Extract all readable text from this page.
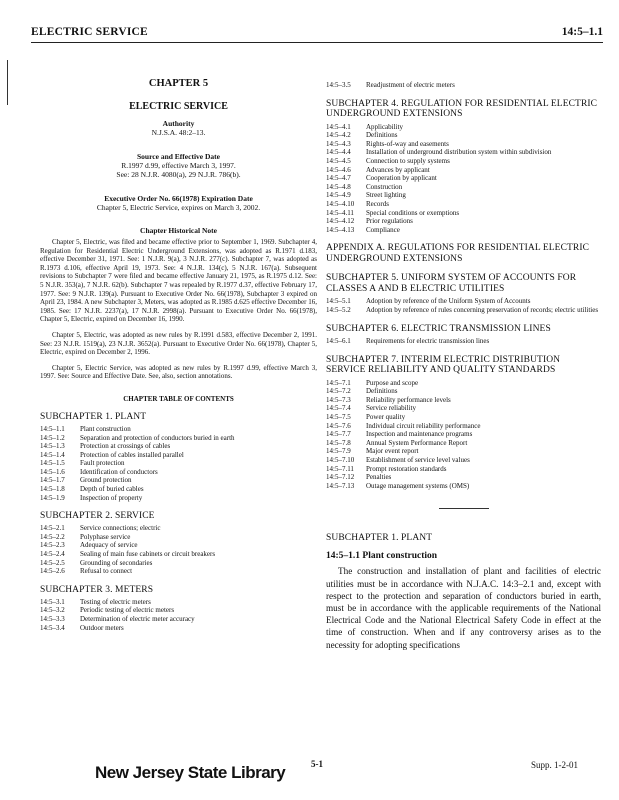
ELECTRIC SERVICE	14:5–1.1
CHAPTER 5
ELECTRIC SERVICE
Authority
N.J.S.A. 48:2–13.
Source and Effective Date
R.1997 d.99, effective March 3, 1997.
See: 28 N.J.R. 4080(a), 29 N.J.R. 786(b).
Executive Order No. 66(1978) Expiration Date
Chapter 5, Electric Service, expires on March 3, 2002.
Chapter Historical Note
Chapter 5, Electric, was filed and became effective prior to September 1, 1969. Subchapter 4, Regulation for Residential Electric Underground Extensions, was adopted as R.1971 d.183, effective December 31, 1971. See: 1 N.J.R. 9(a), 3 N.J.R. 277(c). Subchapter 7, was adopted as R.1973 d.106, effective April 19, 1973. See: 4 N.J.R. 134(c), 5 N.J.R. 167(a). Subsequent revisions to Subchapter 7 were filed and became effective January 21, 1975, as R.1975 d.12. See: 5 N.J.R. 353(a), 7 N.J.R. 62(b). Subchapter 7 was repealed by R.1977 d.37, effective February 17, 1977. See: 9 N.J.R. 139(a). Pursuant to Executive Order No. 66(1978), Subchapter 3 expired on April 23, 1984. A new Subchapter 3, Meters, was adopted as R.1985 d.625 effective December 16, 1985. See: 17 N.J.R. 2237(a), 17 N.J.R. 2998(a). Pursuant to Executive Order No. 66(1978), Chapter 5, Electric, expired on December 16, 1990.
Chapter 5, Electric, was adopted as new rules by R.1991 d.583, effective December 2, 1991. See: 23 N.J.R. 1519(a), 23 N.J.R. 3652(a). Pursuant to Executive Order No. 66(1978), Chapter 5, Electric, expired on December 2, 1996.
Chapter 5, Electric Service, was adopted as new rules by R.1997 d.99, effective March 3, 1997. See: Source and Effective Date. See, also, section annotations.
CHAPTER TABLE OF CONTENTS
SUBCHAPTER 1. PLANT
14:5–1.1	Plant construction
14:5–1.2	Separation and protection of conductors buried in earth
14:5–1.3	Protection at crossings of cables
14:5–1.4	Protection of cables installed parallel
14:5–1.5	Fault protection
14:5–1.6	Identification of conductors
14:5–1.7	Ground protection
14:5–1.8	Depth of buried cables
14:5–1.9	Inspection of property
SUBCHAPTER 2. SERVICE
14:5–2.1	Service connections; electric
14:5–2.2	Polyphase service
14:5–2.3	Adequacy of service
14:5–2.4	Sealing of main fuse cabinets or circuit breakers
14:5–2.5	Grounding of secondaries
14:5–2.6	Refusal to connect
SUBCHAPTER 3. METERS
14:5–3.1	Testing of electric meters
14:5–3.2	Periodic testing of electric meters
14:5–3.3	Determination of electric meter accuracy
14:5–3.4	Outdoor meters
14:5–3.5	Readjustment of electric meters
SUBCHAPTER 4. REGULATION FOR RESIDENTIAL ELECTRIC UNDERGROUND EXTENSIONS
14:5–4.1	Applicability
14:5–4.2	Definitions
14:5–4.3	Rights-of-way and easements
14:5–4.4	Installation of underground distribution system within subdivision
14:5–4.5	Connection to supply systems
14:5–4.6	Advances by applicant
14:5–4.7	Cooperation by applicant
14:5–4.8	Construction
14:5–4.9	Street lighting
14:5–4.10	Records
14:5–4.11	Special conditions or exemptions
14:5–4.12	Prior regulations
14:5–4.13	Compliance
APPENDIX A. REGULATIONS FOR RESIDENTIAL ELECTRIC UNDERGROUND EXTENSIONS
SUBCHAPTER 5. UNIFORM SYSTEM OF ACCOUNTS FOR CLASSES A AND B ELECTRIC UTILITIES
14:5–5.1	Adoption by reference of the Uniform System of Accounts
14:5–5.2	Adoption by reference of rules concerning preservation of records; electric utilities
SUBCHAPTER 6. ELECTRIC TRANSMISSION LINES
14:5–6.1	Requirements for electric transmission lines
SUBCHAPTER 7. INTERIM ELECTRIC DISTRIBUTION SERVICE RELIABILITY AND QUALITY STANDARDS
14:5–7.1	Purpose and scope
14:5–7.2	Definitions
14:5–7.3	Reliability performance levels
14:5–7.4	Service reliability
14:5–7.5	Power quality
14:5–7.6	Individual circuit reliability performance
14:5–7.7	Inspection and maintenance programs
14:5–7.8	Annual System Performance Report
14:5–7.9	Major event report
14:5–7.10	Establishment of service level values
14:5–7.11	Prompt restoration standards
14:5–7.12	Penalties
14:5–7.13	Outage management systems (OMS)
SUBCHAPTER 1. PLANT
14:5–1.1 Plant construction
The construction and installation of plant and facilities of electric utilities must be in accordance with N.J.A.C. 14:3–2.1 and, except with respect to the protection and separation of conductors buried in earth, must be in accordance with the applicable requirements of the National Electrical Code and the National Electrical Safety Code in effect at the time of construction. When and if any controversy arises as to the necessity for adopting specifications
New Jersey State Library	5-1	Supp. 1-2-01
